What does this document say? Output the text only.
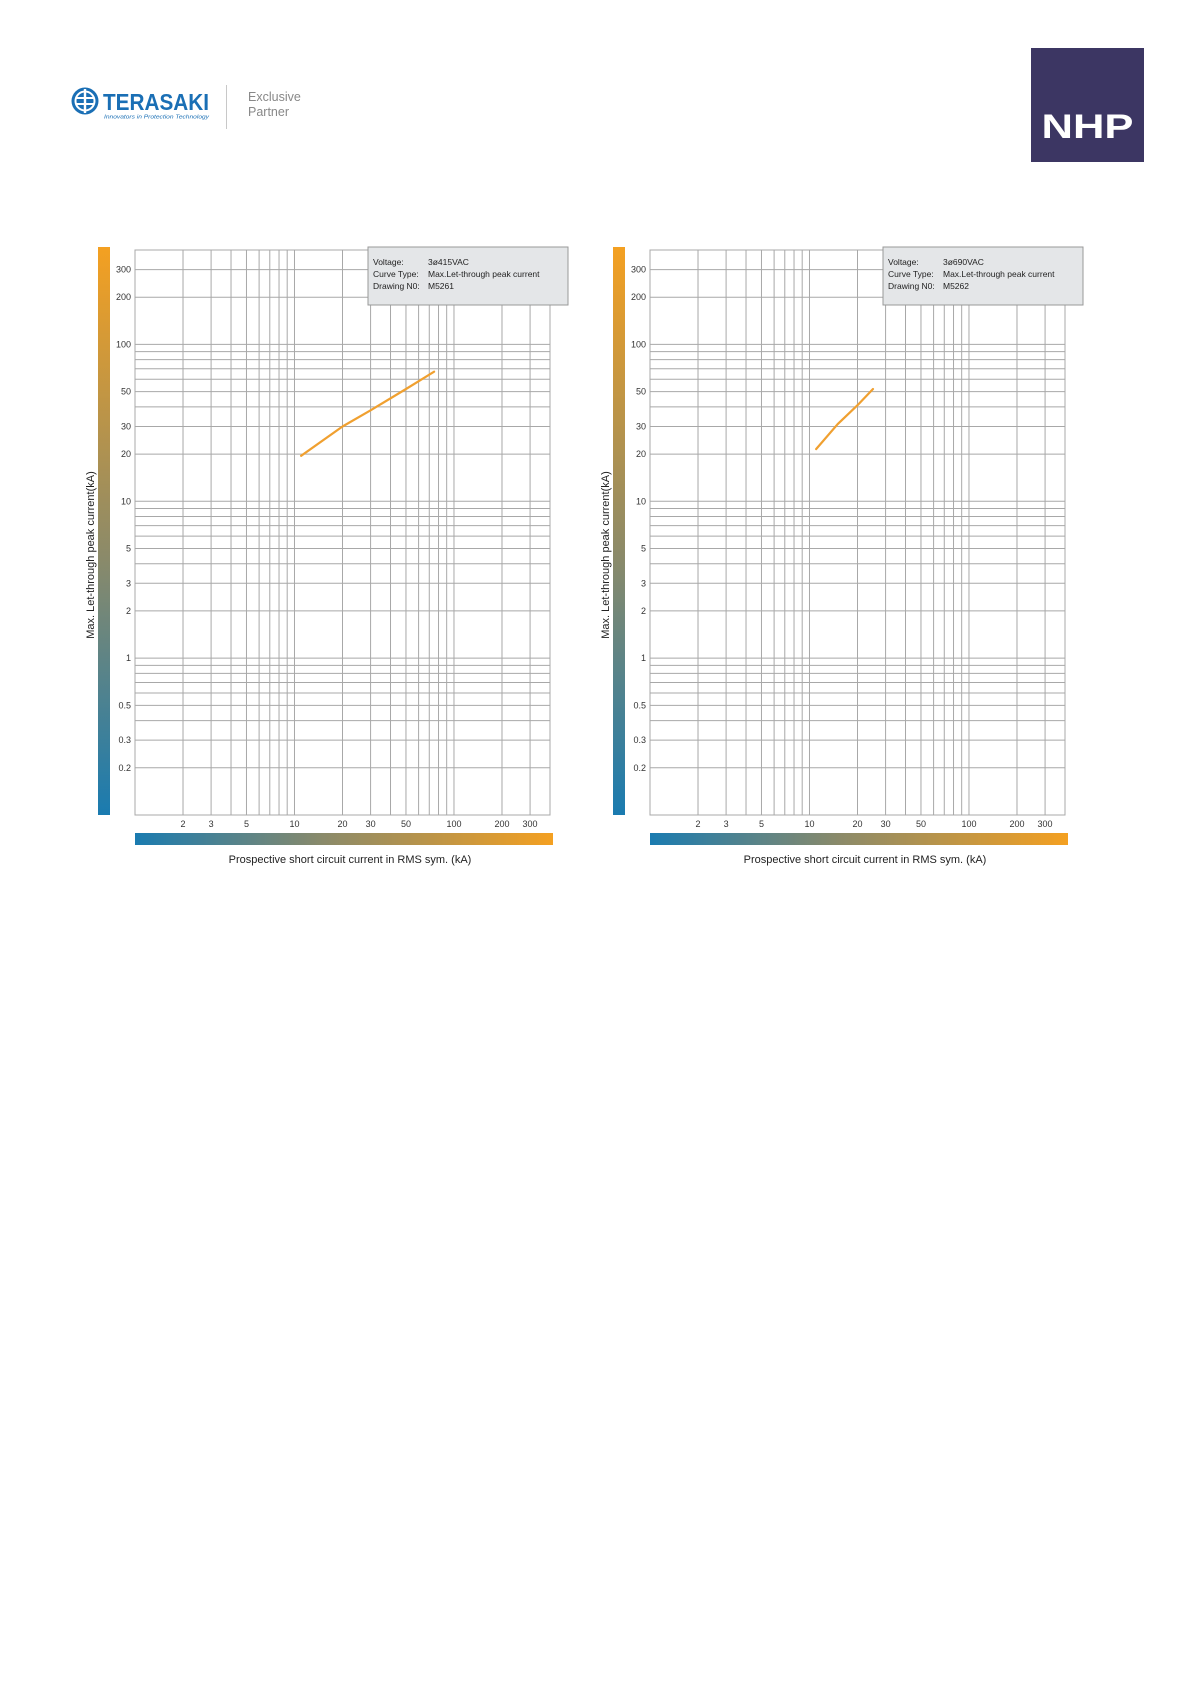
TERASAKI
Innovators in Protection Technology
Exclusive
Partner	NHP
300
200
100
50
30
20
10
5
3
2
1
0.5
0.3
0.2
2	3	5	10	20 30	50	100	200 300
Prospective short circuit current in RMS sym. (kA)
Max. Let-through peak current(kA)
Voltage:	3ø415VAC
Curve Type: Max.Let-through peak current
Drawing N0: M5261
300
200
100
50
30
20
10
5
3
2
1
0.5
0.3
0.2
2	3	5	10	20 30	50	100	200 300
Prospective short circuit current in RMS sym. (kA)
Max. Let-through peak current(kA)
Voltage:	3ø690VAC
Curve Type: Max.Let-through peak current
Drawing N0: M5262
